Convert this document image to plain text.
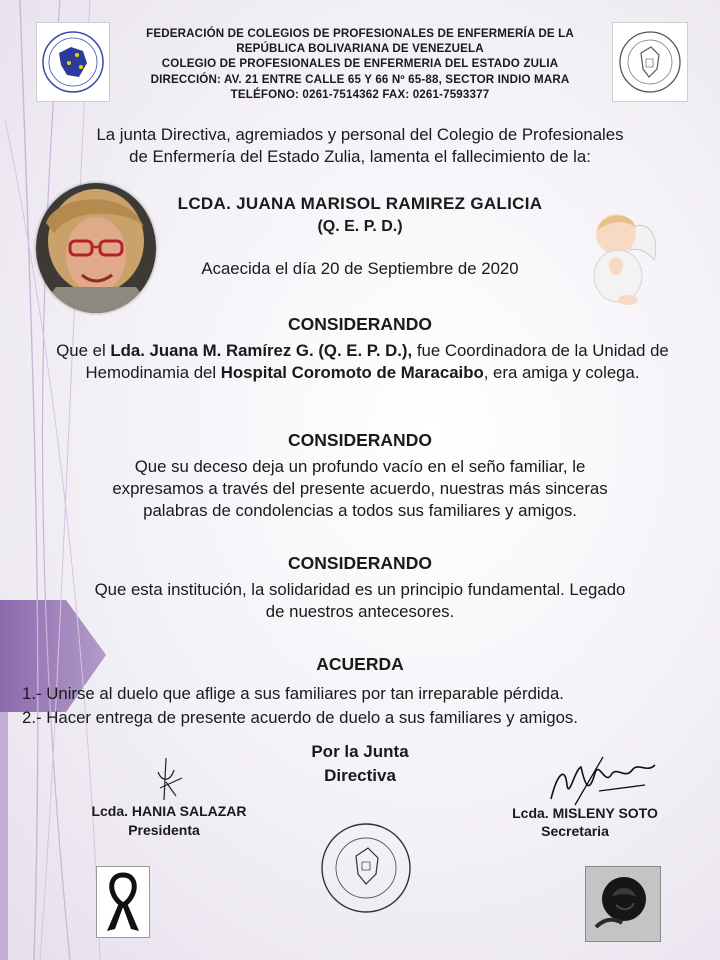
FEDERACIÓN DE COLEGIOS DE PROFESIONALES DE ENFERMERÍA DE LA
REPÚBLICA BOLIVARIANA DE VENEZUELA
COLEGIO DE PROFESIONALES DE ENFERMERIA DEL ESTADO ZULIA
DIRECCIÓN: AV. 21 ENTRE CALLE 65 Y 66 Nº 65-88, SECTOR INDIO MARA
TELÉFONO: 0261-7514362 FAX: 0261-7593377
La junta Directiva, agremiados y personal del Colegio de Profesionales
de Enfermería del Estado Zulia, lamenta el fallecimiento de la:
LCDA. JUANA MARISOL RAMIREZ GALICIA
(Q. E. P. D.)
Acaecida el día 20 de Septiembre de 2020
CONSIDERANDO
Que el Lda. Juana M. Ramírez G. (Q. E. P. D.), fue Coordinadora de la Unidad de Hemodinamia del Hospital Coromoto de Maracaibo, era amiga y colega.
CONSIDERANDO
Que su deceso deja un profundo vacío en el seño familiar, le
expresamos a través del presente acuerdo, nuestras más sinceras
palabras de condolencias a todos sus familiares y amigos.
CONSIDERANDO
Que esta institución, la solidaridad es un principio fundamental. Legado
de nuestros antecesores.
ACUERDA
1.- Unirse al duelo que aflige a sus familiares por tan irreparable pérdida.
2.- Hacer entrega de presente acuerdo de duelo a sus familiares y amigos.
Por la Junta
Directiva
Lcda. HANIA SALAZAR
Presidenta
Lcda. MISLENY SOTO
Secretaria
